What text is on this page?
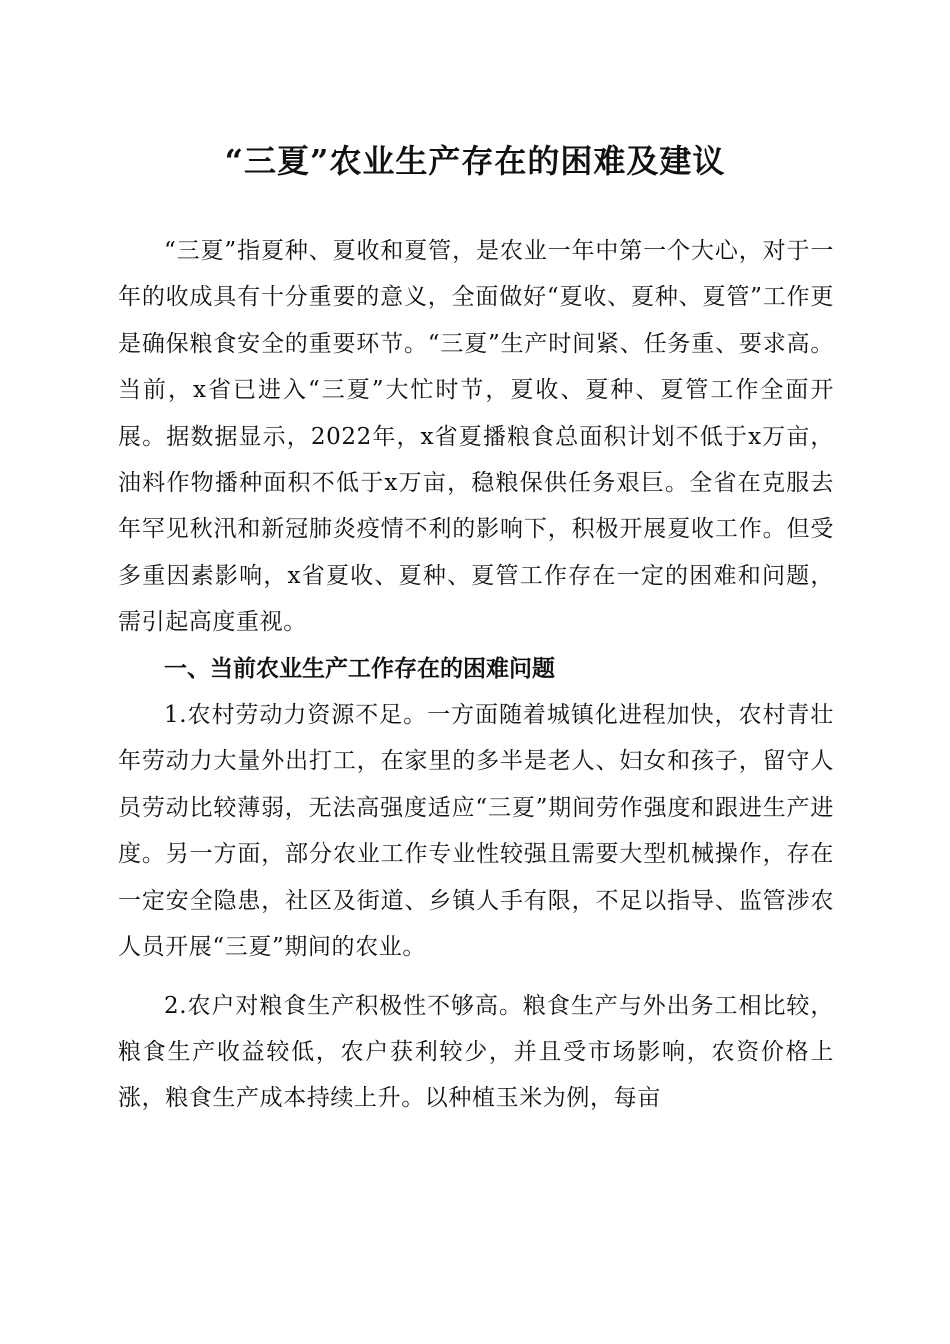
“三夏”农业生产存在的困难及建议

“三夏”指夏种、夏收和夏管，是农业一年中第一个大心，对于一年的收成具有十分重要的意义，全面做好“夏收、夏种、夏管”工作更是确保粮食安全的重要环节。“三夏”生产时间紧、任务重、要求高。当前，x省已进入“三夏”大忙时节，夏收、夏种、夏管工作全面开展。据数据显示，2022年，x省夏播粮食总面积计划不低于x万亩，油料作物播种面积不低于x万亩，稳粮保供任务艰巨。全省在克服去年罕见秋汛和新冠肺炎疫情不利的影响下，积极开展夏收工作。但受多重因素影响，x省夏收、夏种、夏管工作存在一定的困难和问题，需引起高度重视。

一、当前农业生产工作存在的困难问题

1.农村劳动力资源不足。一方面随着城镇化进程加快，农村青壮年劳动力大量外出打工，在家里的多半是老人、妇女和孩子，留守人员劳动比较薄弱，无法高强度适应“三夏”期间劳作强度和跟进生产进度。另一方面，部分农业工作专业性较强且需要大型机械操作，存在一定安全隐患，社区及街道、乡镇人手有限，不足以指导、监管涉农人员开展“三夏”期间的农业。

2.农户对粮食生产积极性不够高。粮食生产与外出务工相比较，粮食生产收益较低，农户获利较少，并且受市场影响，农资价格上涨，粮食生产成本持续上升。以种植玉米为例，每亩
